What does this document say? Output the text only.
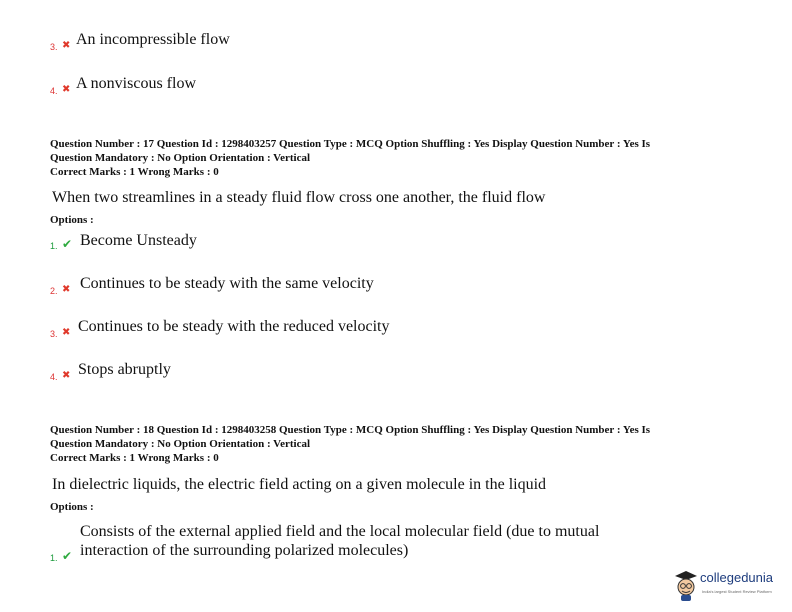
3. ✖ An incompressible flow
4. ✖ A nonviscous flow
Question Number : 17 Question Id : 1298403257 Question Type : MCQ Option Shuffling : Yes Display Question Number : Yes Is
Question Mandatory : No Option Orientation : Vertical
Correct Marks : 1 Wrong Marks : 0
When two streamlines in a steady fluid flow cross one another, the fluid flow
Options :
1. ✔ Become Unsteady
2. ✖ Continues to be steady with the same velocity
3. ✖ Continues to be steady with the reduced velocity
4. ✖ Stops abruptly
Question Number : 18 Question Id : 1298403258 Question Type : MCQ Option Shuffling : Yes Display Question Number : Yes Is
Question Mandatory : No Option Orientation : Vertical
Correct Marks : 1 Wrong Marks : 0
In dielectric liquids, the electric field acting on a given molecule in the liquid
Options :
1. ✔
Consists of the external applied field and the local molecular field (due to mutual
interaction of the surrounding polarized molecules)
collegedunia
India's largest Student Review Platform
